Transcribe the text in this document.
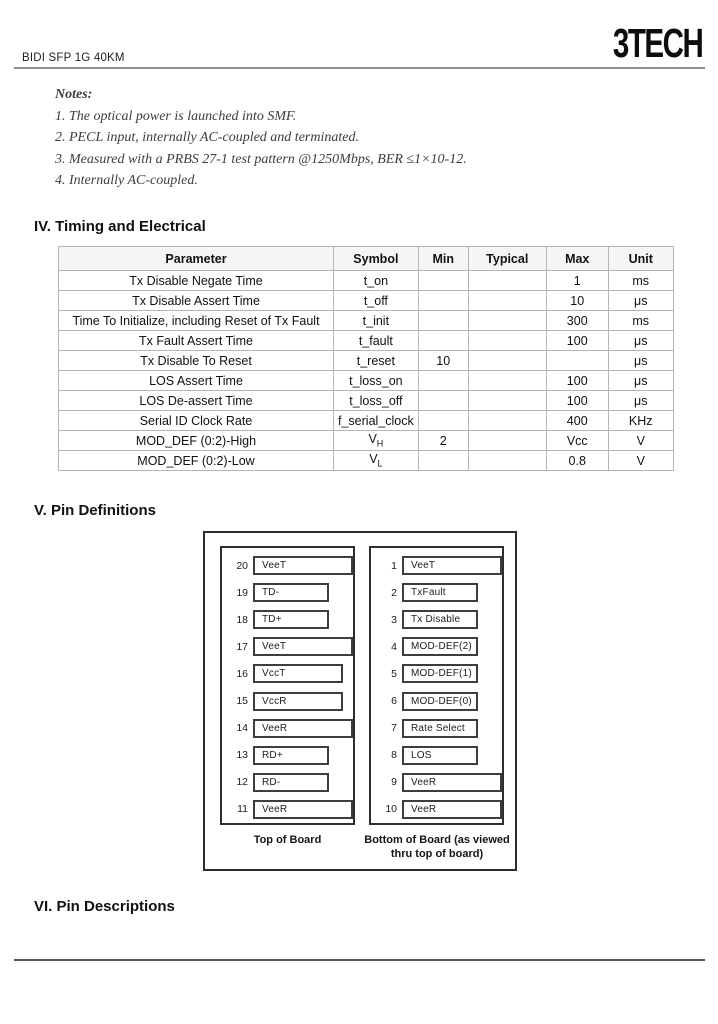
BIDI SFP 1G 40KM	3TECH
Notes:
1. The optical power is launched into SMF.
2. PECL input, internally AC-coupled and terminated.
3. Measured with a PRBS 27-1 test pattern @1250Mbps, BER ≤1×10-12.
4. Internally AC-coupled.
IV. Timing and Electrical
Parameter	Symbol	Min	Typical	Max	Unit
Tx Disable Negate Time	t_on			1	ms
Tx Disable Assert Time	t_off			10	μs
Time To Initialize, including Reset of Tx Fault	t_init			300	ms
Tx Fault Assert Time	t_fault			100	μs
Tx Disable To Reset	t_reset	10			μs
LOS Assert Time	t_loss_on			100	μs
LOS De-assert Time	t_loss_off			100	μs
Serial ID Clock Rate	f_serial_clock			400	KHz
MOD_DEF (0:2)-High	$V_H$	2		Vcc	V
MOD_DEF (0:2)-Low	$V_L$			0.8	V
V. Pin Definitions
20	VeeT
19	TD-
18	TD+
17	VeeT
16	VccT
15	VccR
14	VeeR
13	RD+
12	RD-
11	VeeR
1	VeeT
2	TxFault
3	Tx Disable
4	MOD-DEF(2)
5	MOD-DEF(1)
6	MOD-DEF(0)
7	Rate Select
8	LOS
9	VeeR
10	VeeR
Top of Board	Bottom of Board (as viewed thru top of board)
VI. Pin Descriptions
